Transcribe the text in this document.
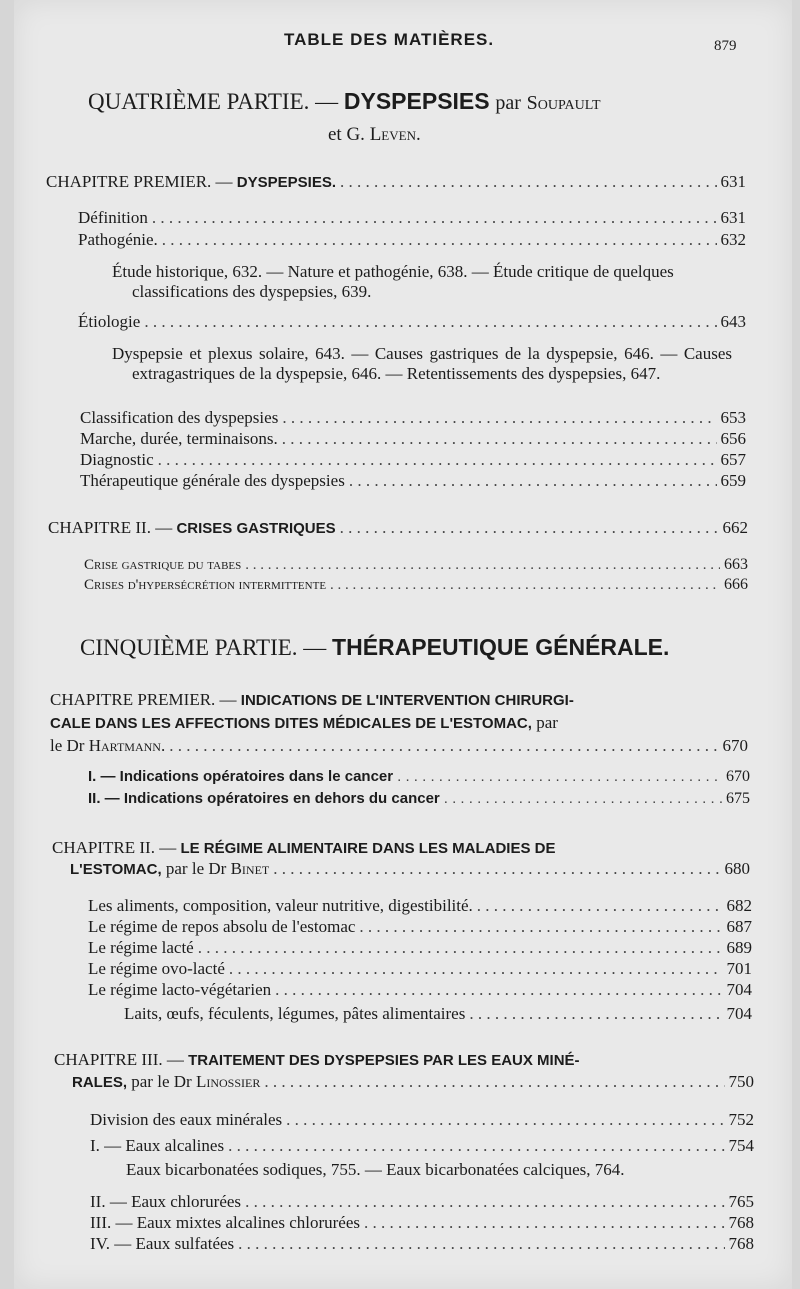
TABLE DES MATIÈRES.	879
QUATRIÈME PARTIE. — DYSPEPSIES par Soupault
et G. Leven.
CHAPITRE PREMIER. — DYSPEPSIES. . . .	631
Définition . . .	631
Pathogénie. . . .	632
Étude historique, 632. — Nature et pathogénie, 638. — Étude critique de quelques classifications des dyspepsies, 639.
Étiologie . . .	643
Dyspepsie et plexus solaire, 643. — Causes gastriques de la dyspepsie, 646. — Causes extragastriques de la dyspepsie, 646. — Retentissements des dyspepsies, 647.
Classification des dyspepsies . . .	653
Marche, durée, terminaisons. . . .	656
Diagnostic . . .	657
Thérapeutique générale des dyspepsies . . .	659
CHAPITRE II. — CRISES GASTRIQUES . . .	662
Crise gastrique du tabes . . .	663
Crises d'hypersécrétion intermittente . . .	666
CINQUIÈME PARTIE. — THÉRAPEUTIQUE GÉNÉRALE.
CHAPITRE PREMIER. — INDICATIONS DE L'INTERVENTION CHIRURGI-
CALE DANS LES AFFECTIONS DITES MÉDICALES DE L'ESTOMAC, par
le Dr Hartmann. . . .	670
I. — Indications opératoires dans le cancer . . .	670
II. — Indications opératoires en dehors du cancer . . .	675
CHAPITRE II. — LE RÉGIME ALIMENTAIRE DANS LES MALADIES DE
L'ESTOMAC, par le Dr Binet . . .	680
Les aliments, composition, valeur nutritive, digestibilité. . . .	682
Le régime de repos absolu de l'estomac . . .	687
Le régime lacté . . .	689
Le régime ovo-lacté . . .	701
Le régime lacto-végétarien . . .	704
Laits, œufs, féculents, légumes, pâtes alimentaires . . .	704
CHAPITRE III. — TRAITEMENT DES DYSPEPSIES PAR LES EAUX MINÉ-
RALES, par le Dr Linossier . . .	750
Division des eaux minérales . . .	752
I. — Eaux alcalines . . .	754
Eaux bicarbonatées sodiques, 755. — Eaux bicarbonatées calciques, 764.
II. — Eaux chlorurées . . .	765
III. — Eaux mixtes alcalines chlorurées . . .	768
IV. — Eaux sulfatées . . .	768
